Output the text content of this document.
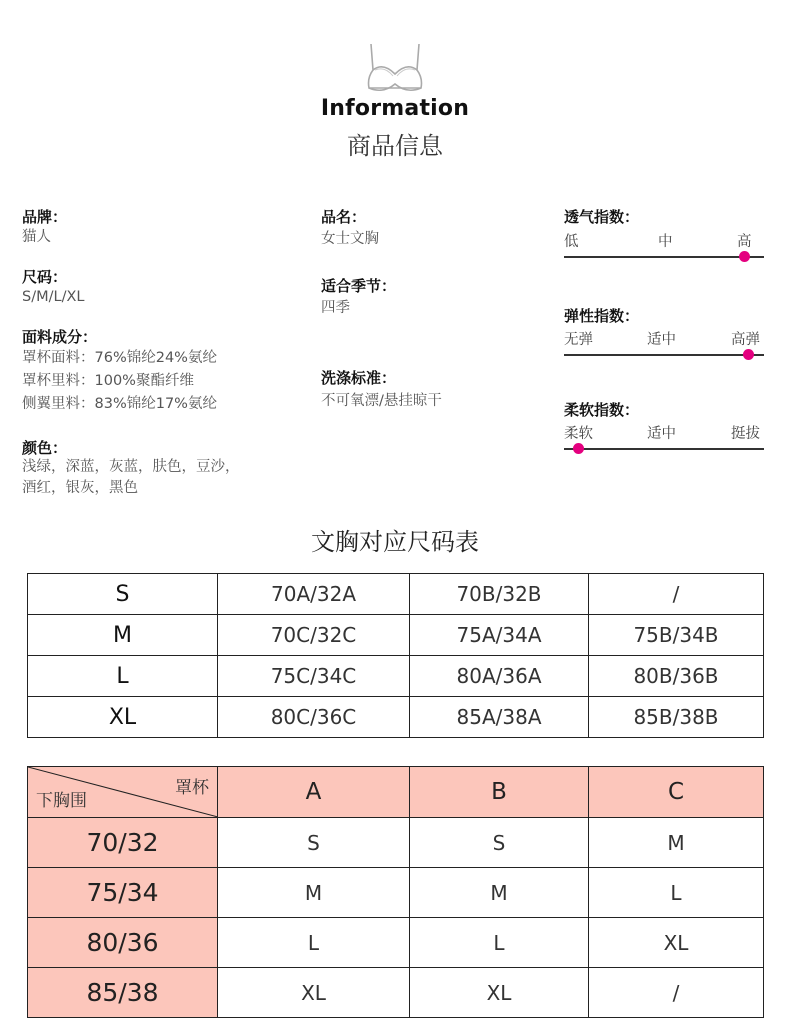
Information
商品信息
品牌：
猫人
尺码：
S/M/L/XL
面料成分：
罩杯面料：76%锦纶24%氨纶
罩杯里料：100%聚酯纤维
侧翼里料：83%锦纶17%氨纶
颜色：
浅绿，深蓝，灰蓝，肤色，豆沙，
酒红，银灰，黑色
品名：
女士文胸
适合季节：
四季
洗涤标准：
不可氧漂/悬挂晾干
透气指数：
低	中	高
弹性指数：
无弹	适中	高弹
柔软指数：
柔软	适中	挺拔
文胸对应尺码表
S	70A/32A	70B/32B	/
M	70C/32C	75A/34A	75B/34B
L	75C/34C	80A/36A	80B/36B
XL	80C/36C	85A/38A	85B/38B
罩杯
下胸围	A	B	C
70/32	S	S	M
75/34	M	M	L
80/36	L	L	XL
85/38	XL	XL	/
